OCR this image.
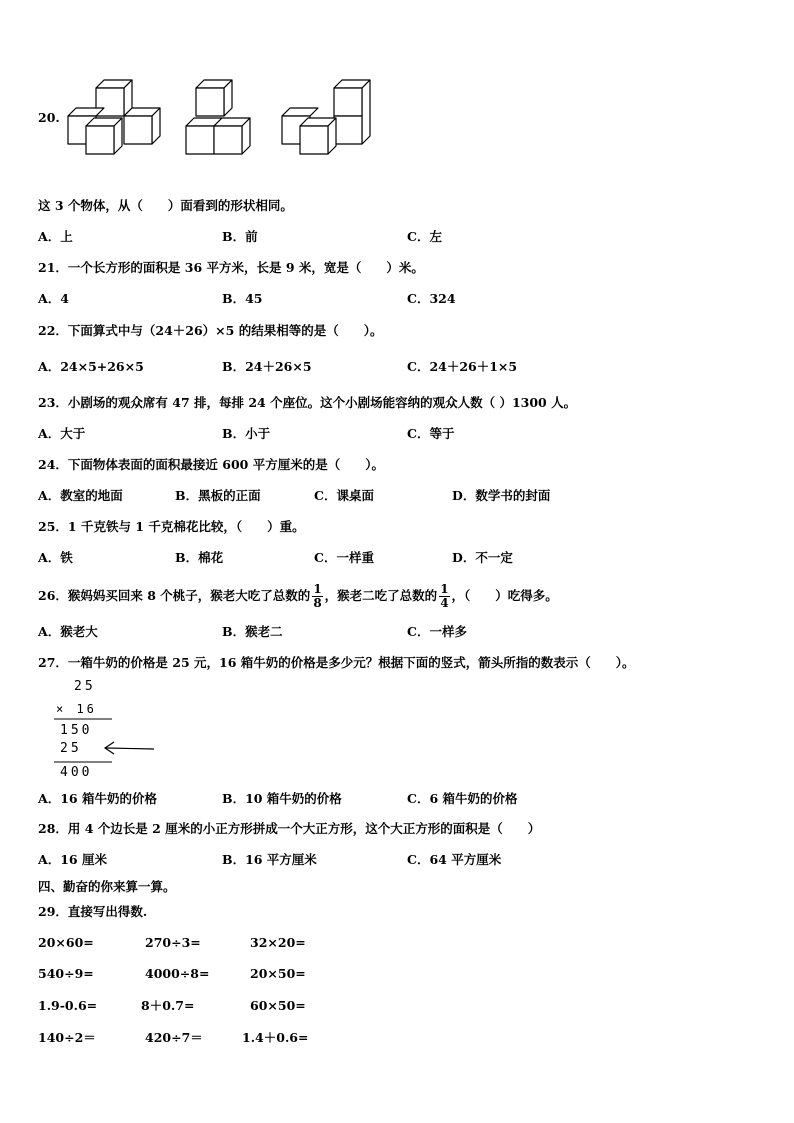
20.
这 3 个物体，从（　　）面看到的形状相同。
A．上	B．前	C．左
21．一个长方形的面积是 36 平方米，长是 9 米，宽是（　　）米。
A．4	B．45	C．324
22．下面算式中与（24＋26）×5 的结果相等的是（　　）。
A．24×5+26×5	B．24＋26×5	C．24＋26＋1×5
23．小剧场的观众席有 47 排，每排 24 个座位。这个小剧场能容纳的观众人数（ ）1300 人。
A．大于	B．小于	C．等于
24．下面物体表面的面积最接近 600 平方厘米的是（　　）。
A．教室的地面	B．黑板的正面	C．课桌面	D．数学书的封面
25．1 千克铁与 1 千克棉花比较，（　　）重。
A．铁	B．棉花	C．一样重	D．不一定
26．猴妈妈买回来 8 个桃子，猴老大吃了总数的 $\frac{1}{8}$ ，猴老二吃了总数的 $\frac{1}{4}$ ，（　　）吃得多。
A．猴老大	B．猴老二	C．一样多
27．一箱牛奶的价格是 25 元，16 箱牛奶的价格是多少元？根据下面的竖式，箭头所指的数表示（　　）。
25
× 16
150
25
400
A．16 箱牛奶的价格	B．10 箱牛奶的价格	C．6 箱牛奶的价格
28．用 4 个边长是 2 厘米的小正方形拼成一个大正方形，这个大正方形的面积是（　　）
A．16 厘米	B．16 平方厘米	C．64 平方厘米
四、勤奋的你来算一算。
29．直接写出得数.
20×60=	270÷3=	32×20=
540÷9=	4000÷8=	20×50=
1.9-0.6=	8＋0.7=	60×50=
140÷2＝	420÷7＝	1.4＋0.6=
